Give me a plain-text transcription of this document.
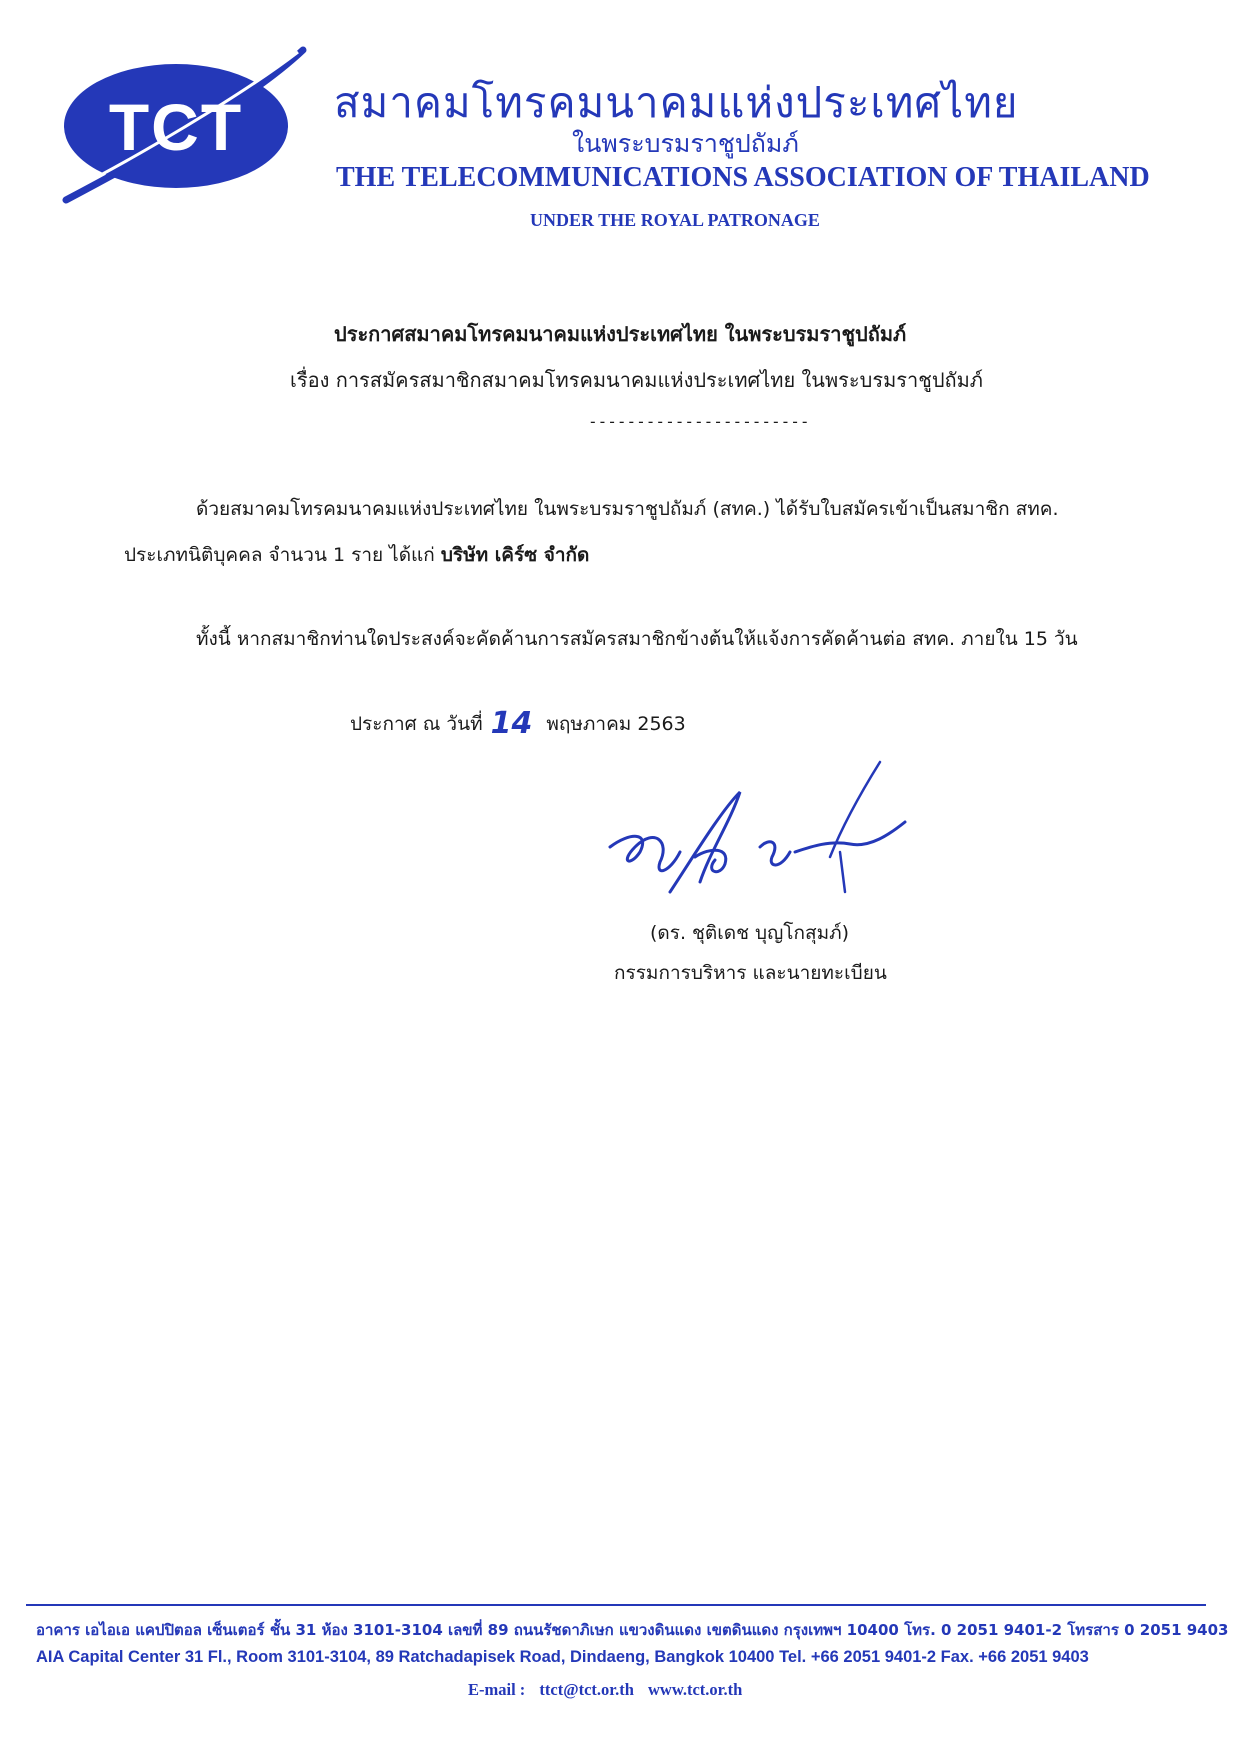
TCT สมาคมโทรคมนาคมแห่งประเทศไทย
ในพระบรมราชูปถัมภ์
THE TELECOMMUNICATIONS ASSOCIATION OF THAILAND
UNDER THE ROYAL PATRONAGE
ประกาศสมาคมโทรคมนาคมแห่งประเทศไทย ในพระบรมราชูปถัมภ์
เรื่อง การสมัครสมาชิกสมาคมโทรคมนาคมแห่งประเทศไทย ในพระบรมราชูปถัมภ์
-----------------------
ด้วยสมาคมโทรคมนาคมแห่งประเทศไทย ในพระบรมราชูปถัมภ์ (สทค.) ได้รับใบสมัครเข้าเป็นสมาชิก สทค.
ประเภทนิติบุคคล จำนวน 1 ราย ได้แก่ บริษัท เคิร์ซ จำกัด
ทั้งนี้ หากสมาชิกท่านใดประสงค์จะคัดค้านการสมัครสมาชิกข้างต้นให้แจ้งการคัดค้านต่อ สทค. ภายใน 15 วัน
ประกาศ ณ วันที่ 14 พฤษภาคม 2563
(ดร. ชุติเดช บุญโกสุมภ์)
กรรมการบริหาร และนายทะเบียน
อาคาร เอไอเอ แคปปิตอล เซ็นเตอร์ ชั้น 31 ห้อง 3101-3104 เลขที่ 89 ถนนรัชดาภิเษก แขวงดินแดง เขตดินแดง กรุงเทพฯ 10400 โทร. 0 2051 9401-2 โทรสาร 0 2051 9403
AIA Capital Center 31 Fl., Room 3101-3104, 89 Ratchadapisek Road, Dindaeng, Bangkok 10400 Tel. +66 2051 9401-2 Fax. +66 2051 9403
E-mail : ttct@tct.or.th www.tct.or.th
